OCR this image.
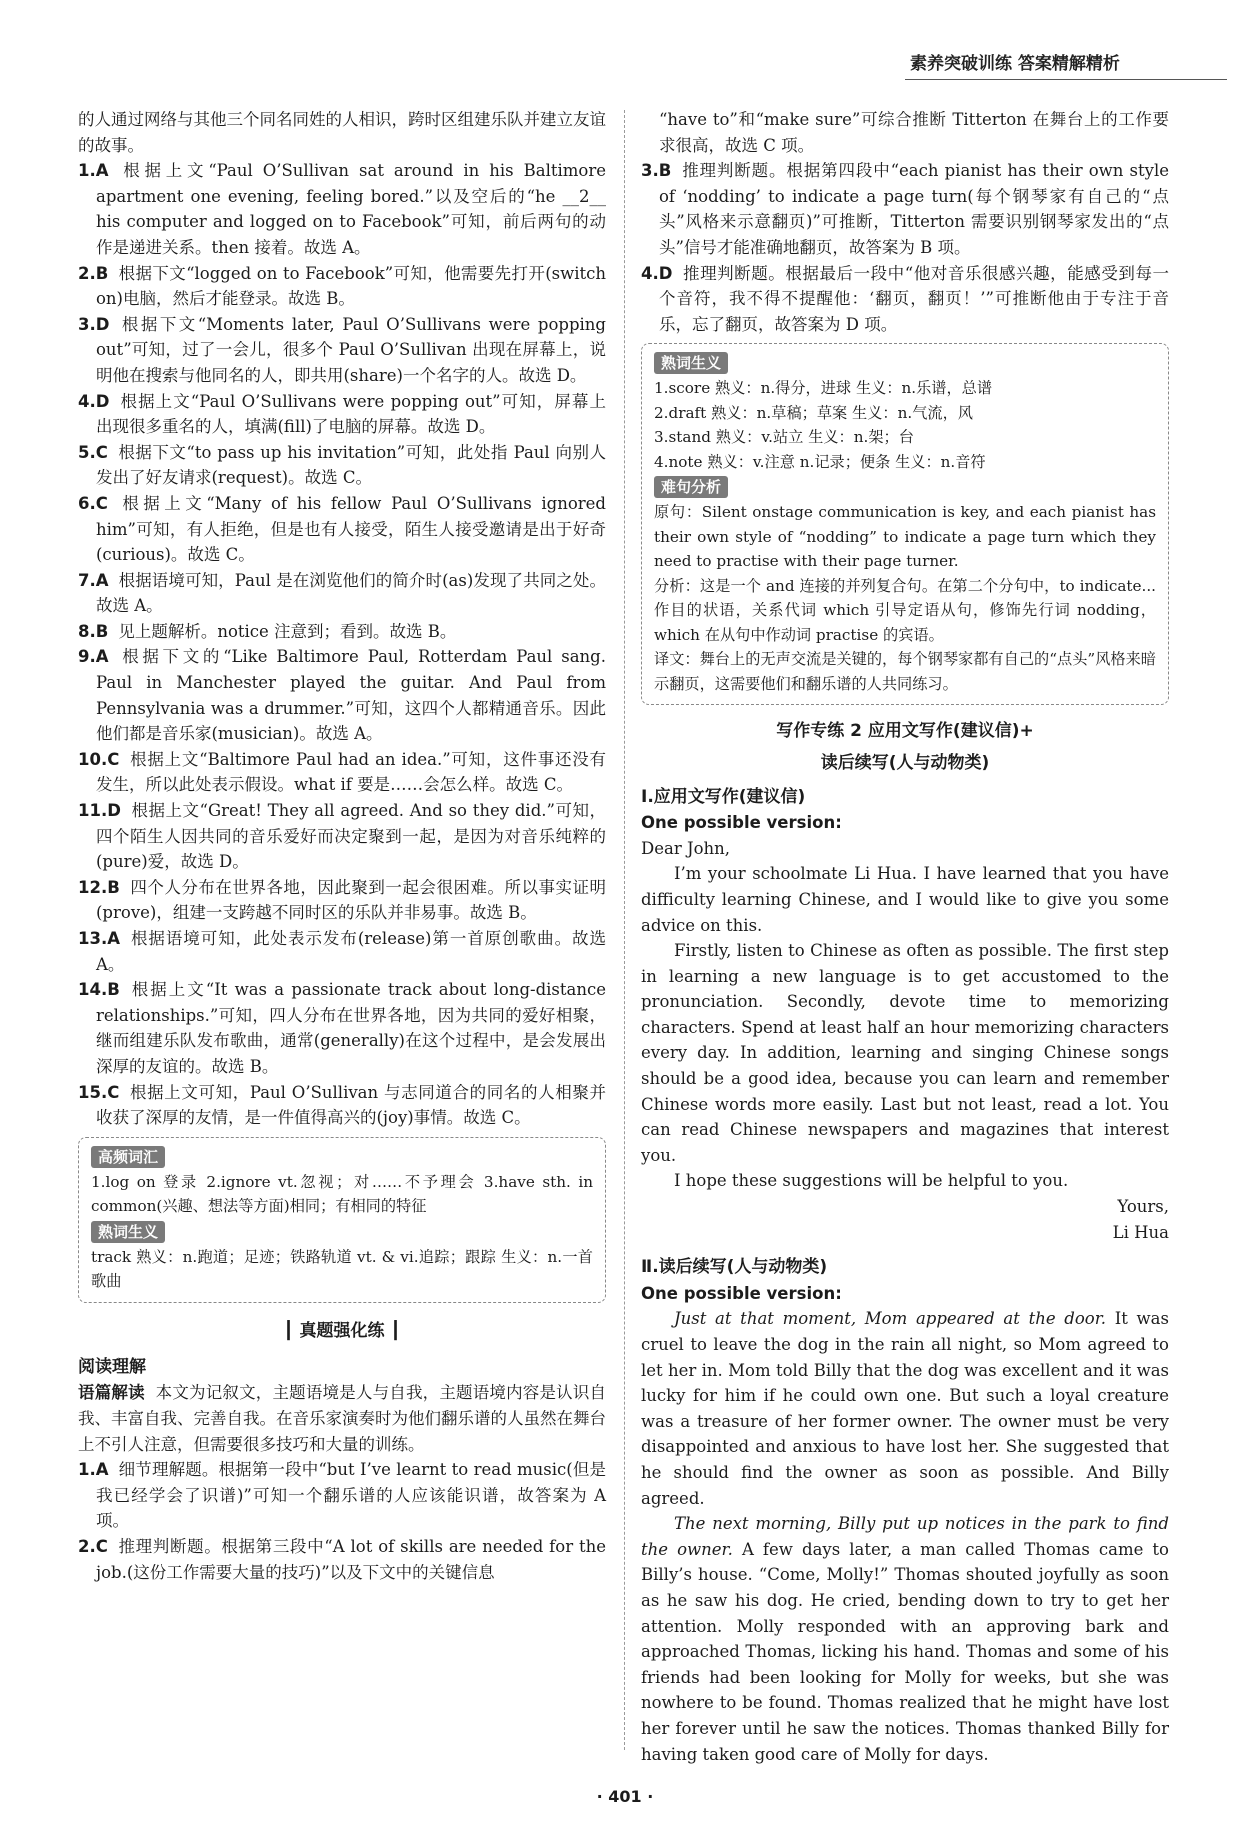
素养突破训练 答案精解精析

的人通过网络与其他三个同名同姓的人相识，跨时区组建乐队并建立友谊的故事。

1.A 根据上文“Paul O’Sullivan sat around in his Baltimore apartment one evening, feeling bored.”以及空后的“he __2__ his computer and logged on to Facebook”可知，前后两句的动作是递进关系。then 接着。故选 A。

2.B 根据下文“logged on to Facebook”可知，他需要先打开(switch on)电脑，然后才能登录。故选 B。

3.D 根据下文“Moments later, Paul O’Sullivans were popping out”可知，过了一会儿，很多个 Paul O’Sullivan 出现在屏幕上，说明他在搜索与他同名的人，即共用(share)一个名字的人。故选 D。

4.D 根据上文“Paul O’Sullivans were popping out”可知，屏幕上出现很多重名的人，填满(fill)了电脑的屏幕。故选 D。

5.C 根据下文“to pass up his invitation”可知，此处指 Paul 向别人发出了好友请求(request)。故选 C。

6.C 根据上文“Many of his fellow Paul O’Sullivans ignored him”可知，有人拒绝，但是也有人接受，陌生人接受邀请是出于好奇(curious)。故选 C。

7.A 根据语境可知，Paul 是在浏览他们的简介时(as)发现了共同之处。故选 A。

8.B 见上题解析。notice 注意到；看到。故选 B。

9.A 根据下文的“Like Baltimore Paul, Rotterdam Paul sang. Paul in Manchester played the guitar. And Paul from Pennsylvania was a drummer.”可知，这四个人都精通音乐。因此他们都是音乐家(musician)。故选 A。

10.C 根据上文“Baltimore Paul had an idea.”可知，这件事还没有发生，所以此处表示假设。what if 要是……会怎么样。故选 C。

11.D 根据上文“Great! They all agreed. And so they did.”可知，四个陌生人因共同的音乐爱好而决定聚到一起，是因为对音乐纯粹的(pure)爱，故选 D。

12.B 四个人分布在世界各地，因此聚到一起会很困难。所以事实证明(prove)，组建一支跨越不同时区的乐队并非易事。故选 B。

13.A 根据语境可知，此处表示发布(release)第一首原创歌曲。故选 A。

14.B 根据上文“It was a passionate track about long-distance relationships.”可知，四人分布在世界各地，因为共同的爱好相聚，继而组建乐队发布歌曲，通常(generally)在这个过程中，是会发展出深厚的友谊的。故选 B。

15.C 根据上文可知，Paul O’Sullivan 与志同道合的同名的人相聚并收获了深厚的友情，是一件值得高兴的(joy)事情。故选 C。

高频词汇

1.log on 登录 2.ignore vt.忽视；对……不予理会 3.have sth. in common(兴趣、想法等方面)相同；有相同的特征

熟词生义

track 熟义：n.跑道；足迹；铁路轨道 vt. & vi.追踪；跟踪 生义：n.一首歌曲

┃ 真题强化练 ┃
阅读理解

语篇解读 本文为记叙文，主题语境是人与自我，主题语境内容是认识自我、丰富自我、完善自我。在音乐家演奏时为他们翻乐谱的人虽然在舞台上不引人注意，但需要很多技巧和大量的训练。

1.A 细节理解题。根据第一段中“but I’ve learnt to read music(但是我已经学会了识谱)”可知一个翻乐谱的人应该能识谱，故答案为 A 项。

2.C 推理判断题。根据第三段中“A lot of skills are needed for the job.(这份工作需要大量的技巧)”以及下文中的关键信息

“have to”和“make sure”可综合推断 Titterton 在舞台上的工作要求很高，故选 C 项。

3.B 推理判断题。根据第四段中“each pianist has their own style of ‘nodding’ to indicate a page turn(每个钢琴家有自己的“点头”风格来示意翻页)”可推断，Titterton 需要识别钢琴家发出的“点头”信号才能准确地翻页，故答案为 B 项。

4.D 推理判断题。根据最后一段中“他对音乐很感兴趣，能感受到每一个音符，我不得不提醒他：‘翻页，翻页！’”可推断他由于专注于音乐，忘了翻页，故答案为 D 项。

熟词生义

1.score 熟义：n.得分，进球 生义：n.乐谱，总谱

2.draft 熟义：n.草稿；草案 生义：n.气流，风

3.stand 熟义：v.站立 生义：n.架；台

4.note 熟义：v.注意 n.记录；便条 生义：n.音符

难句分析

原句：Silent onstage communication is key, and each pianist has their own style of “nodding” to indicate a page turn which they need to practise with their page turner.

分析：这是一个 and 连接的并列复合句。在第二个分句中，to indicate...作目的状语，关系代词 which 引导定语从句，修饰先行词 nodding，which 在从句中作动词 practise 的宾语。

译文：舞台上的无声交流是关键的，每个钢琴家都有自己的“点头”风格来暗示翻页，这需要他们和翻乐谱的人共同练习。

写作专练 2 应用文写作(建议信)+
读后续写(人与动物类)
Ⅰ.应用文写作(建议信)
One possible version:

Dear John,

I’m your schoolmate Li Hua. I have learned that you have difficulty learning Chinese, and I would like to give you some advice on this.

Firstly, listen to Chinese as often as possible. The first step in learning a new language is to get accustomed to the pronunciation. Secondly, devote time to memorizing characters. Spend at least half an hour memorizing characters every day. In addition, learning and singing Chinese songs should be a good idea, because you can learn and remember Chinese words more easily. Last but not least, read a lot. You can read Chinese newspapers and magazines that interest you.

I hope these suggestions will be helpful to you.

Yours,

Li Hua

Ⅱ.读后续写(人与动物类)
One possible version:

Just at that moment, Mom appeared at the door. It was cruel to leave the dog in the rain all night, so Mom agreed to let her in. Mom told Billy that the dog was excellent and it was lucky for him if he could own one. But such a loyal creature was a treasure of her former owner. The owner must be very disappointed and anxious to have lost her. She suggested that he should find the owner as soon as possible. And Billy agreed.

The next morning, Billy put up notices in the park to find the owner. A few days later, a man called Thomas came to Billy’s house. “Come, Molly!” Thomas shouted joyfully as soon as he saw his dog. He cried, bending down to try to get her attention. Molly responded with an approving bark and approached Thomas, licking his hand. Thomas and some of his friends had been looking for Molly for weeks, but she was nowhere to be found. Thomas realized that he might have lost her forever until he saw the notices. Thomas thanked Billy for having taken good care of Molly for days.

· 401 ·
